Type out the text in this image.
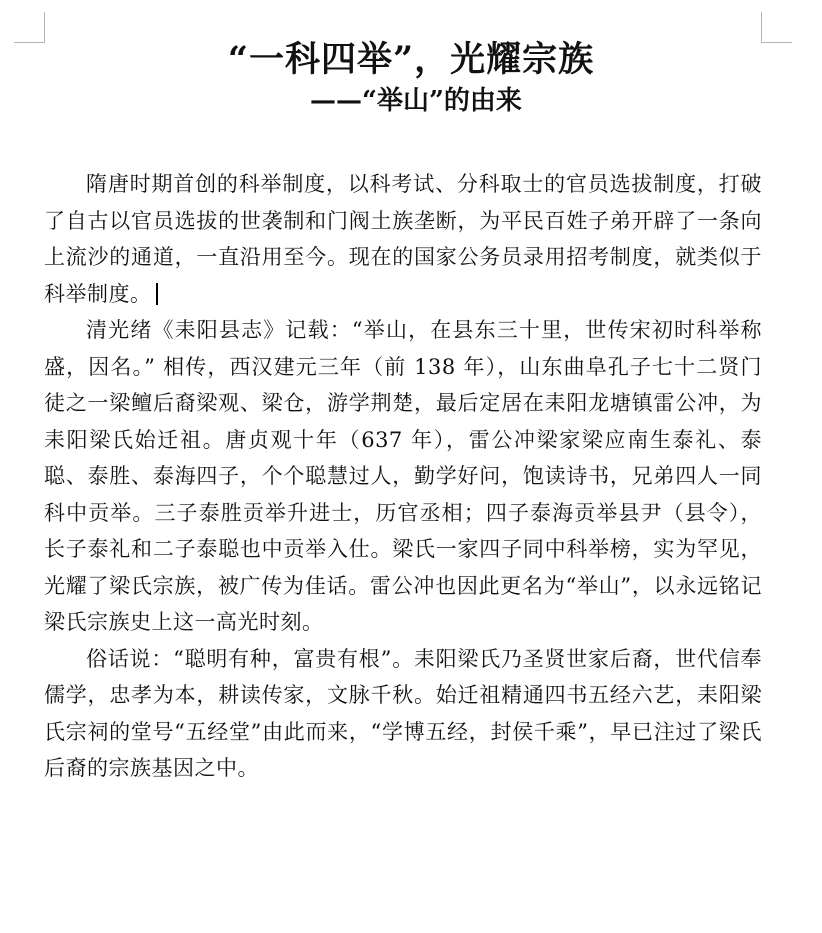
“一科四举”，光耀宗族
——“举山”的由来

隋唐时期首创的科举制度，以科考试、分科取士的官员选拔制度，打破了自古以官员选拔的世袭制和门阀土族垄断，为平民百姓子弟开辟了一条向上流沙的通道，一直沿用至今。现在的国家公务员录用招考制度，就类似于科举制度。

清光绪《耒阳县志》记载：“举山，在县东三十里，世传宋初时科举称盛，因名。” 相传，西汉建元三年（前 138 年），山东曲阜孔子七十二贤门徒之一梁鳣后裔梁观、梁仓，游学荆楚，最后定居在耒阳龙塘镇雷公冲，为耒阳梁氏始迁祖。唐贞观十年（637 年），雷公冲梁家梁应南生泰礼、泰聪、泰胜、泰海四子，个个聪慧过人，勤学好问，饱读诗书，兄弟四人一同科中贡举。三子泰胜贡举升进士，历官丞相；四子泰海贡举县尹（县令），长子泰礼和二子泰聪也中贡举入仕。梁氏一家四子同中科举榜，实为罕见，光耀了梁氏宗族，被广传为佳话。雷公冲也因此更名为“举山”，以永远铭记梁氏宗族史上这一高光时刻。

俗话说：“聪明有种，富贵有根”。耒阳梁氏乃圣贤世家后裔，世代信奉儒学，忠孝为本，耕读传家，文脉千秋。始迁祖精通四书五经六艺，耒阳梁氏宗祠的堂号“五经堂”由此而来，“学博五经，封侯千乘”，早已注过了梁氏后裔的宗族基因之中。
